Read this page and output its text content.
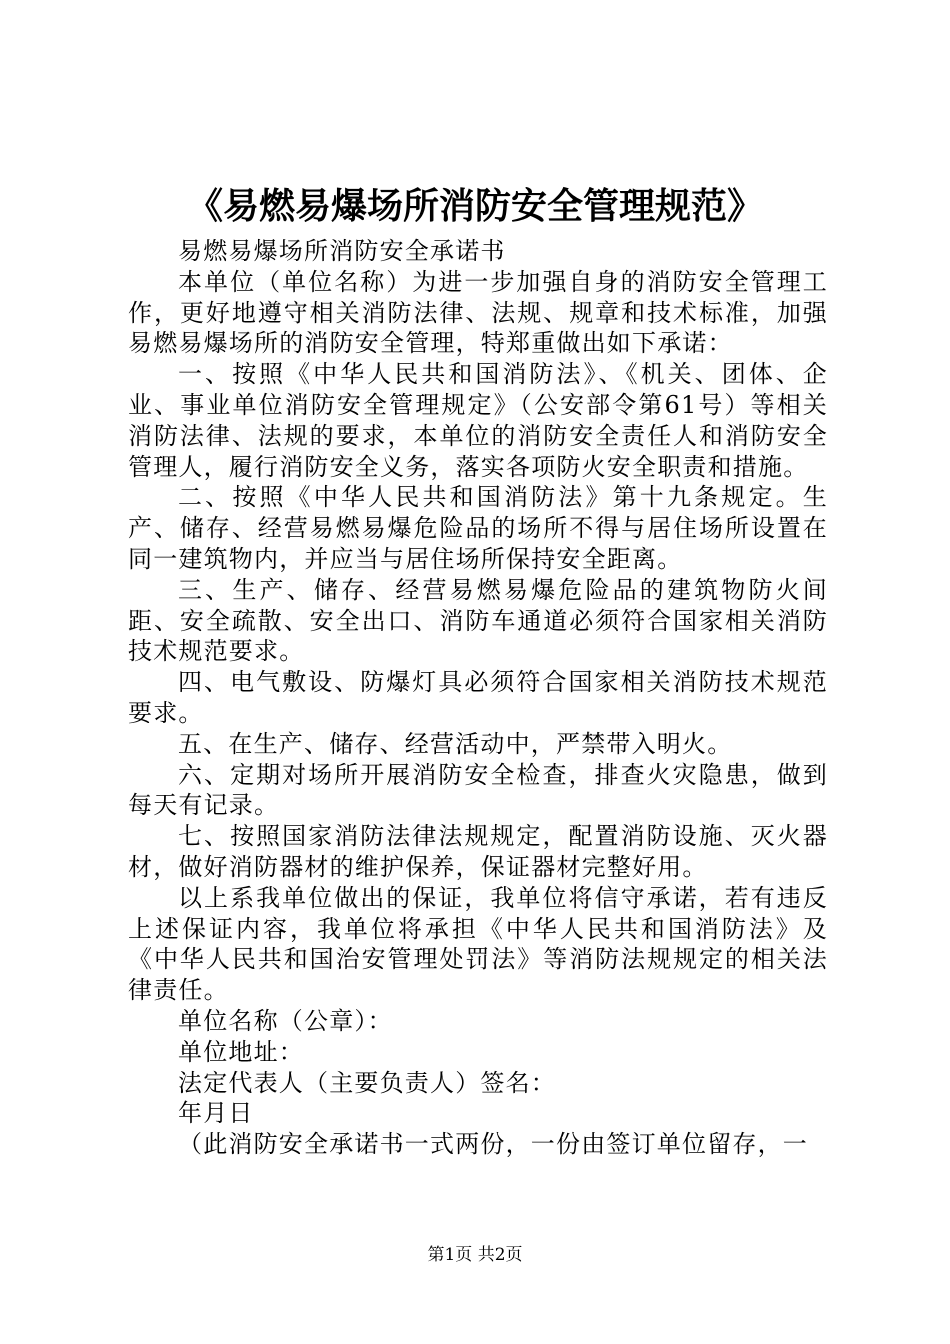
《易燃易爆场所消防安全管理规范》

易燃易爆场所消防安全承诺书

本单位（单位名称）为进一步加强自身的消防安全管理工作，更好地遵守相关消防法律、法规、规章和技术标准，加强易燃易爆场所的消防安全管理，特郑重做出如下承诺：

一、按照《中华人民共和国消防法》、《机关、团体、企业、事业单位消防安全管理规定》（公安部令第61号）等相关消防法律、法规的要求，本单位的消防安全责任人和消防安全管理人，履行消防安全义务，落实各项防火安全职责和措施。

二、按照《中华人民共和国消防法》第十九条规定。生产、储存、经营易燃易爆危险品的场所不得与居住场所设置在同一建筑物内，并应当与居住场所保持安全距离。

三、生产、储存、经营易燃易爆危险品的建筑物防火间距、安全疏散、安全出口、消防车通道必须符合国家相关消防技术规范要求。

四、电气敷设、防爆灯具必须符合国家相关消防技术规范要求。

五、在生产、储存、经营活动中，严禁带入明火。

六、定期对场所开展消防安全检查，排查火灾隐患，做到每天有记录。

七、按照国家消防法律法规规定，配置消防设施、灭火器材，做好消防器材的维护保养，保证器材完整好用。

以上系我单位做出的保证，我单位将信守承诺，若有违反上述保证内容，我单位将承担《中华人民共和国消防法》及《中华人民共和国治安管理处罚法》等消防法规规定的相关法律责任。

单位名称（公章）：

单位地址：

法定代表人（主要负责人）签名：

年月日

（此消防安全承诺书一式两份，一份由签订单位留存，一

第1页 共2页
